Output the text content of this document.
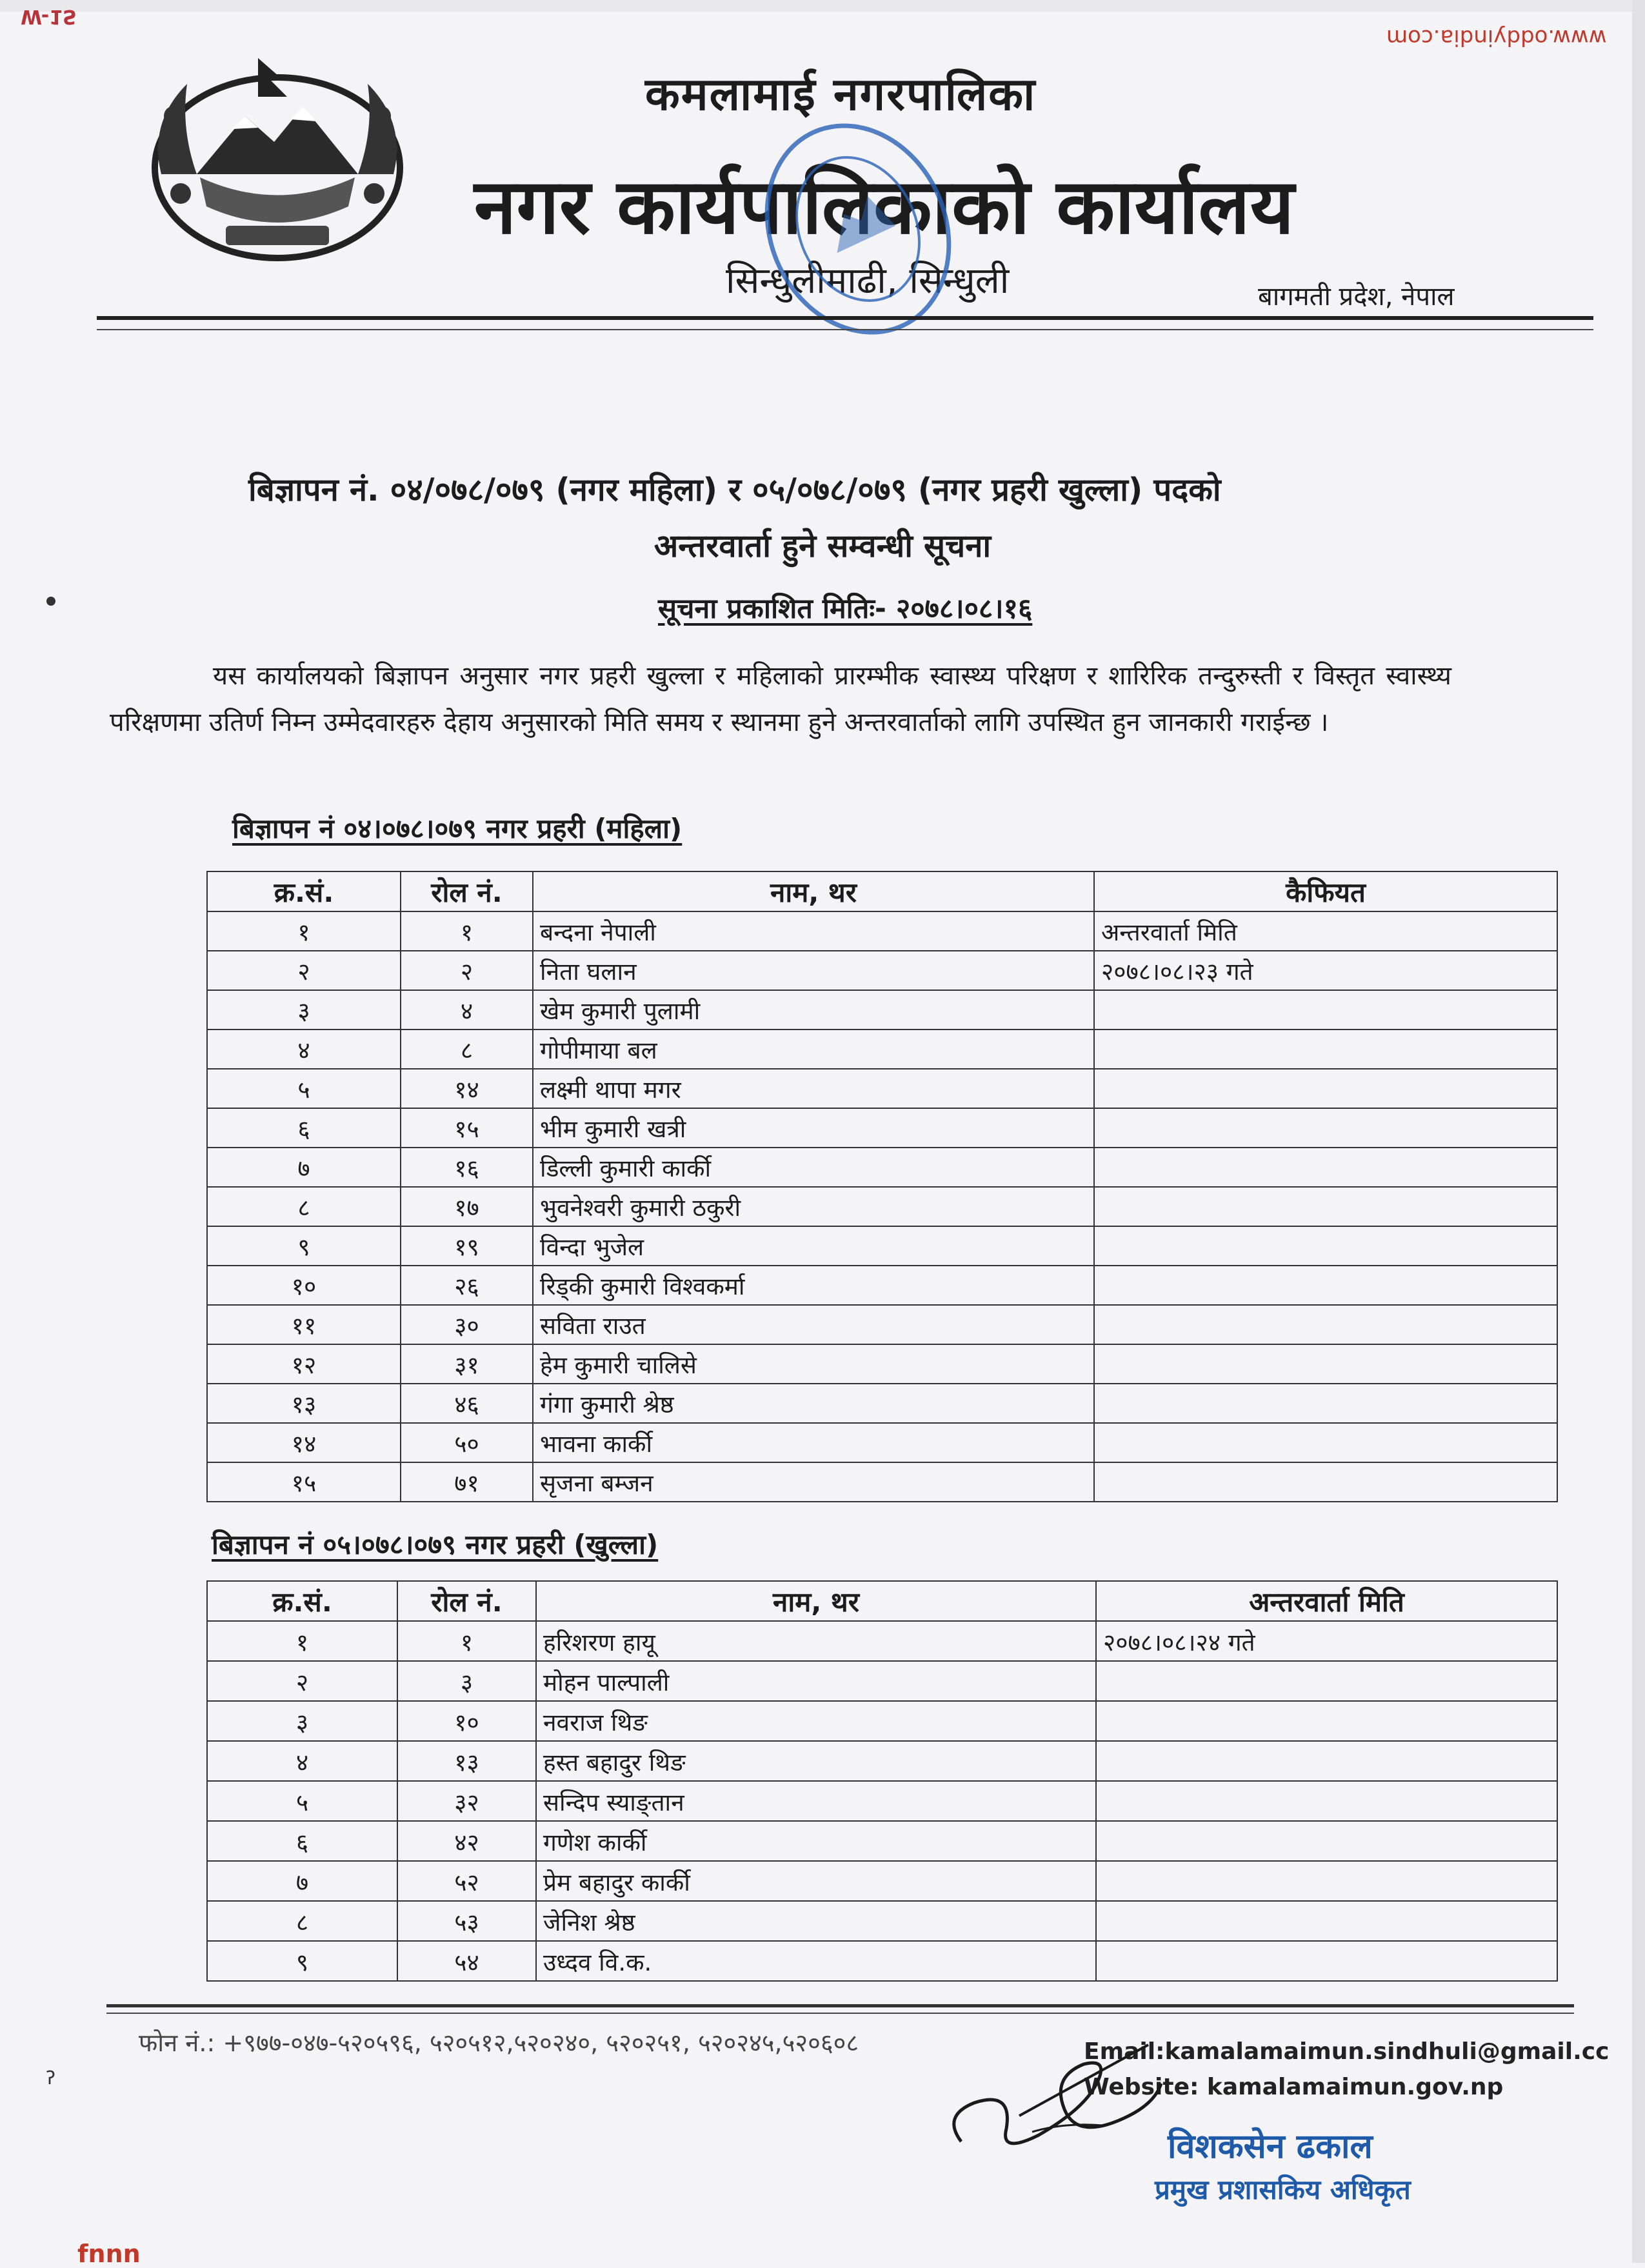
W-1S
www.oddyindia.com
कमलामाई नगरपालिका
नगर कार्यपालिकाको कार्यालय
सिन्धुलीमाढी, सिन्धुली	बागमती प्रदेश, नेपाल
बिज्ञापन नं. ०४/०७८/०७९ (नगर महिला) र ०५/०७८/०७९ (नगर प्रहरी खुल्ला) पदको
अन्तरवार्ता हुने सम्वन्धी सूचना
सूचना प्रकाशित मितिः- २०७८।०८।१६
यस कार्यालयको बिज्ञापन अनुसार नगर प्रहरी खुल्ला र महिलाको प्रारम्भीक स्वास्थ्य परिक्षण र शारिरिक तन्दुरुस्ती र विस्तृत स्वास्थ्य परिक्षणमा उतिर्ण निम्न उम्मेदवारहरु देहाय अनुसारको मिति समय र स्थानमा हुने अन्तरवार्ताको लागि उपस्थित हुन जानकारी गराईन्छ ।
बिज्ञापन नं ०४।०७८।०७९ नगर प्रहरी (महिला)
क्र.सं.	रोल नं.	नाम, थर	कैफियत
१	१	बन्दना नेपाली	अन्तरवार्ता मिति
२	२	निता घलान	२०७८।०८।२३ गते
३	४	खेम कुमारी पुलामी	
४	८	गोपीमाया बल	
५	१४	लक्ष्मी थापा मगर	
६	१५	भीम कुमारी खत्री	
७	१६	डिल्ली कुमारी कार्की	
८	१७	भुवनेश्वरी कुमारी ठकुरी	
९	१९	विन्दा भुजेल	
१०	२६	रिड्की कुमारी विश्वकर्मा	
११	३०	सविता राउत	
१२	३१	हेम कुमारी चालिसे	
१३	४६	गंगा कुमारी श्रेष्ठ	
१४	५०	भावना कार्की	
१५	७१	सृजना बम्जन	
बिज्ञापन नं ०५।०७८।०७९ नगर प्रहरी (खुल्ला)
क्र.सं.	रोल नं.	नाम, थर	अन्तरवार्ता मिति
१	१	हरिशरण हायू	२०७८।०८।२४ गते
२	३	मोहन पाल्पाली	
३	१०	नवराज थिङ	
४	१३	हस्त बहादुर थिङ	
५	३२	सन्दिप स्याङ्तान	
६	४२	गणेश कार्की	
७	५२	प्रेम बहादुर कार्की	
८	५३	जेनिश श्रेष्ठ	
९	५४	उध्दव वि.क.	
ॽ
फोन नं.: +९७७-०४७-५२०५९६, ५२०५१२,५२०२४०, ५२०२५१, ५२०२४५,५२०६०८	Email:kamalamaimun.sindhuli@gmail.cc
Website: kamalamaimun.gov.np
विशकसेन ढकाल
प्रमुख प्रशासकिय अधिकृत
fnnn
